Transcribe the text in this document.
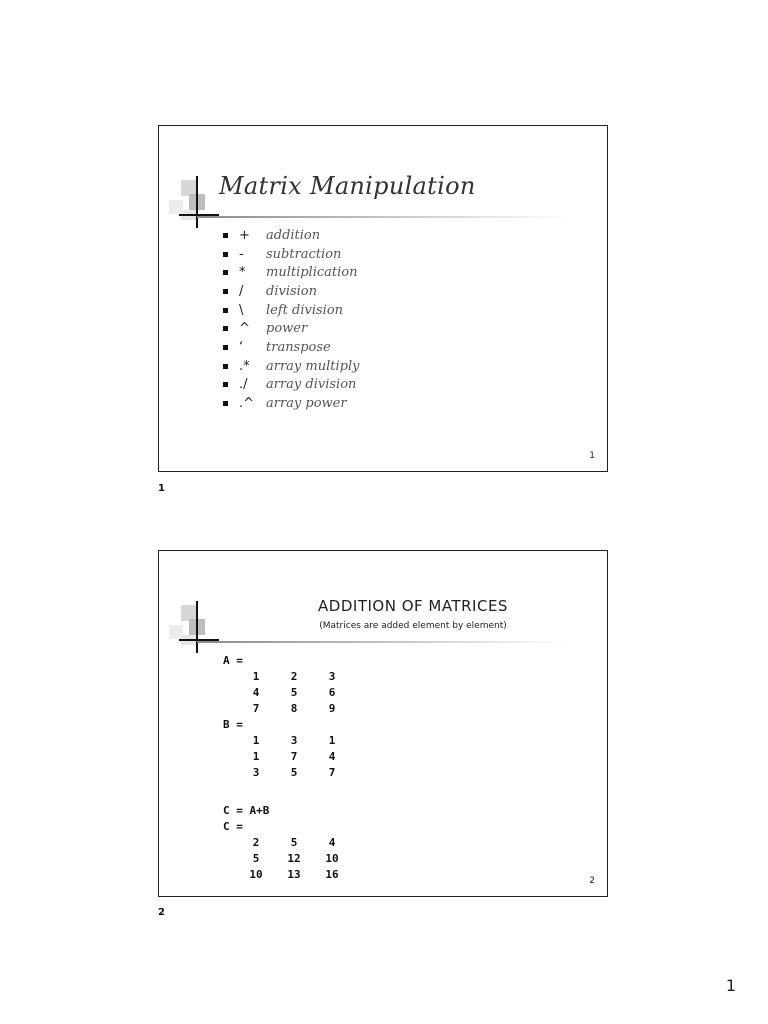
Matrix Manipulation
+	addition
-	subtraction
*	multiplication
/	division
\	left division
^	power
‘	transpose
.*	array multiply
./	array division
.^ array power
1
1
ADDITION OF MATRICES
(Matrices are added element by element)
A =
1	2	3
4	5	6
7	8	9
B =
1	3	1
1	7	4
3	5	7
C = A+B
C =
2	5	4
5	12	10
10	13	16	2
2
1
